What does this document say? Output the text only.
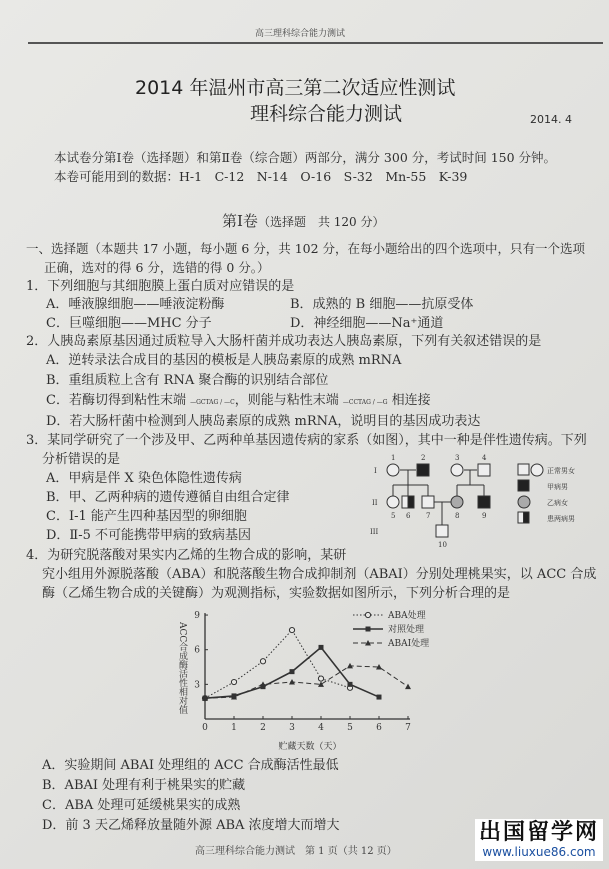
高三理科综合能力测试
2014 年温州市高三第二次适应性测试
理科综合能力测试	2014. 4
本试卷分第Ⅰ卷（选择题）和第Ⅱ卷（综合题）两部分，满分 300 分，考试时间 150 分钟。
本卷可能用到的数据：H-1　C-12　N-14　O-16　S-32　Mn-55　K-39
第Ⅰ卷（选择题　共 120 分）
一、选择题（本题共 17 小题，每小题 6 分，共 102 分，在每小题给出的四个选项中，只有一个选项
正确，选对的得 6 分，选错的得 0 分。）
1．下列细胞与其细胞膜上蛋白质对应错误的是
A．唾液腺细胞——唾液淀粉酶	B．成熟的 B 细胞——抗原受体
C．巨噬细胞——MHC 分子	D．神经细胞——Na⁺通道
2．人胰岛素原基因通过质粒导入大肠杆菌并成功表达人胰岛素原，下列有关叙述错误的是
A．逆转录法合成目的基因的模板是人胰岛素原的成熟 mRNA
B．重组质粒上含有 RNA 聚合酶的识别结合部位
C．若酶切得到粘性末端 —GCTAG / —C，则能与粘性末端 —CCTAG / —G 相连接
D．若大肠杆菌中检测到人胰岛素原的成熟 mRNA，说明目的基因成功表达
3．某同学研究了一个涉及甲、乙两种单基因遗传病的家系（如图），其中一种是伴性遗传病。下列
分析错误的是
A．甲病是伴 X 染色体隐性遗传病
B．甲、乙两种病的遗传遵循自由组合定律
C．Ⅰ-1 能产生四种基因型的卵细胞
D．Ⅱ-5 不可能携带甲病的致病基因
I
II
III
1	2	3	4
5 6 7	8	9
10
正常男女
甲病男
乙病女
患两病男
4．为研究脱落酸对果实内乙烯的生物合成的影响，某研
究小组用外源脱落酸（ABA）和脱落酸生物合成抑制剂（ABAI）分别处理桃果实，以 ACC 合成
酶（乙烯生物合成的关键酶）为观测指标，实验数据如图所示，下列分析合理的是
0	1	2	3	4	5	6	7
3
6
9	ABA处理
对照处理
ABAI处理
贮藏天数（天）
ACC合成酶活性相对值
A．实验期间 ABAI 处理组的 ACC 合成酶活性最低
B．ABAI 处理有利于桃果实的贮藏
C．ABA 处理可延缓桃果实的成熟
D．前 3 天乙烯释放量随外源 ABA 浓度增大而增大
高三理科综合能力测试　第 1 页（共 12 页）
出国留学网
www.liuxue86.com
